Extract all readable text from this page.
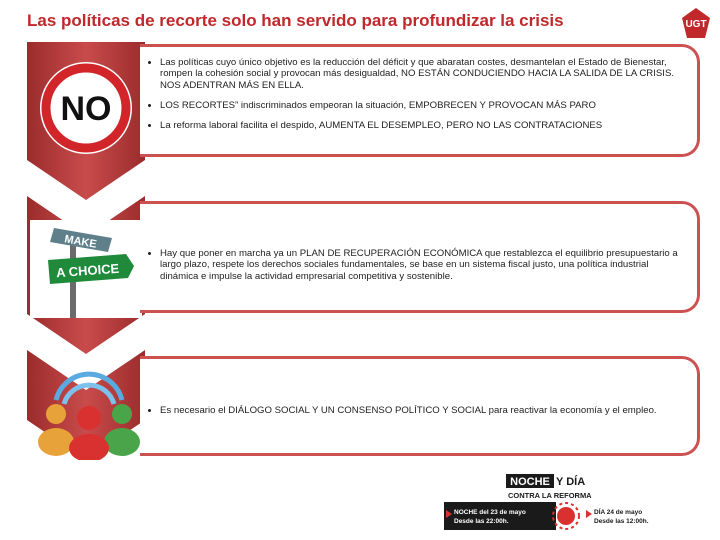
Las políticas de recorte solo han servido para profundizar la crisis	UGT
NO
• Las políticas cuyo único objetivo es la reducción del déficit y que abaratan costes, desmantelan el Estado de Bienestar, rompen la cohesión social y provocan más desigualdad, NO ESTÁN CONDUCIENDO HACIA LA SALIDA DE LA CRISIS. NOS ADENTRAN MÁS EN ELLA.
• LOS RECORTES” indiscriminados empeoran la situación, EMPOBRECEN Y PROVOCAN MÁS PARO
• La reforma laboral facilita el despido, AUMENTA EL DESEMPLEO, PERO NO LAS CONTRATACIONES
MAKE
A CHOICE
• Hay que poner en marcha ya un PLAN DE RECUPERACIÓN ECONÓMICA que restablezca el equilibrio presupuestario a largo plazo, respete los derechos sociales fundamentales, se base en un sistema fiscal justo, una política industrial dinámica e impulse la actividad empresarial competitiva y sostenible.
• Es necesario el DIÁLOGO SOCIAL Y UN CONSENSO POLÍTICO Y SOCIAL para reactivar la economía y el empleo.
NOCHE Y DÍA
CONTRA LA REFORMA
NOCHE del 23 de mayo
Desde las 22:00h.
DÍA 24 de mayo
Desde las 12:00h.
